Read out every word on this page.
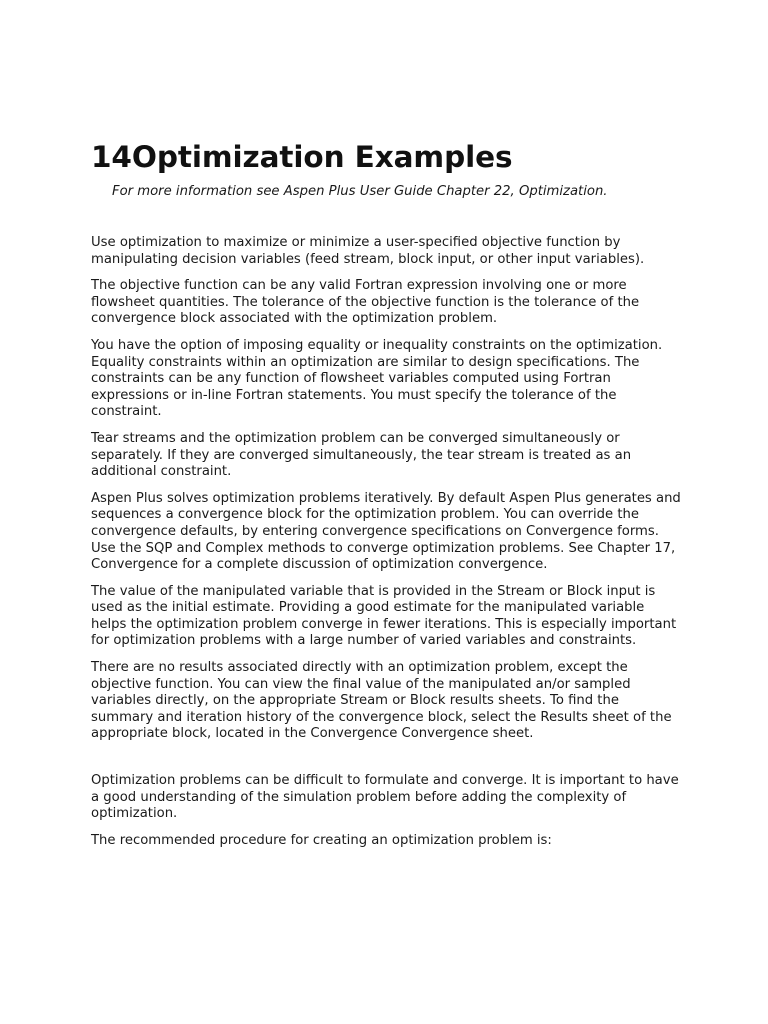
14Optimization Examples

For more information see Aspen Plus User Guide Chapter 22, Optimization.

Use optimization to maximize or minimize a user-specified objective function by manipulating decision variables (feed stream, block input, or other input variables).

The objective function can be any valid Fortran expression involving one or more flowsheet quantities. The tolerance of the objective function is the tolerance of the convergence block associated with the optimization problem.

You have the option of imposing equality or inequality constraints on the optimization. Equality constraints within an optimization are similar to design specifications. The constraints can be any function of flowsheet variables computed using Fortran expressions or in-line Fortran statements. You must specify the tolerance of the constraint.

Tear streams and the optimization problem can be converged simultaneously or separately. If they are converged simultaneously, the tear stream is treated as an additional constraint.

Aspen Plus solves optimization problems iteratively. By default Aspen Plus generates and sequences a convergence block for the optimization problem. You can override the convergence defaults, by entering convergence specifications on Convergence forms. Use the SQP and Complex methods to converge optimization problems. See Chapter 17, Convergence for a complete discussion of optimization convergence.

The value of the manipulated variable that is provided in the Stream or Block input is used as the initial estimate. Providing a good estimate for the manipulated variable helps the optimization problem converge in fewer iterations. This is especially important for optimization problems with a large number of varied variables and constraints.

There are no results associated directly with an optimization problem, except the objective function. You can view the final value of the manipulated an/or sampled variables directly, on the appropriate Stream or Block results sheets. To find the summary and iteration history of the convergence block, select the Results sheet of the appropriate block, located in the Convergence Convergence sheet.

Optimization problems can be difficult to formulate and converge. It is important to have a good understanding of the simulation problem before adding the complexity of optimization.

The recommended procedure for creating an optimization problem is:
